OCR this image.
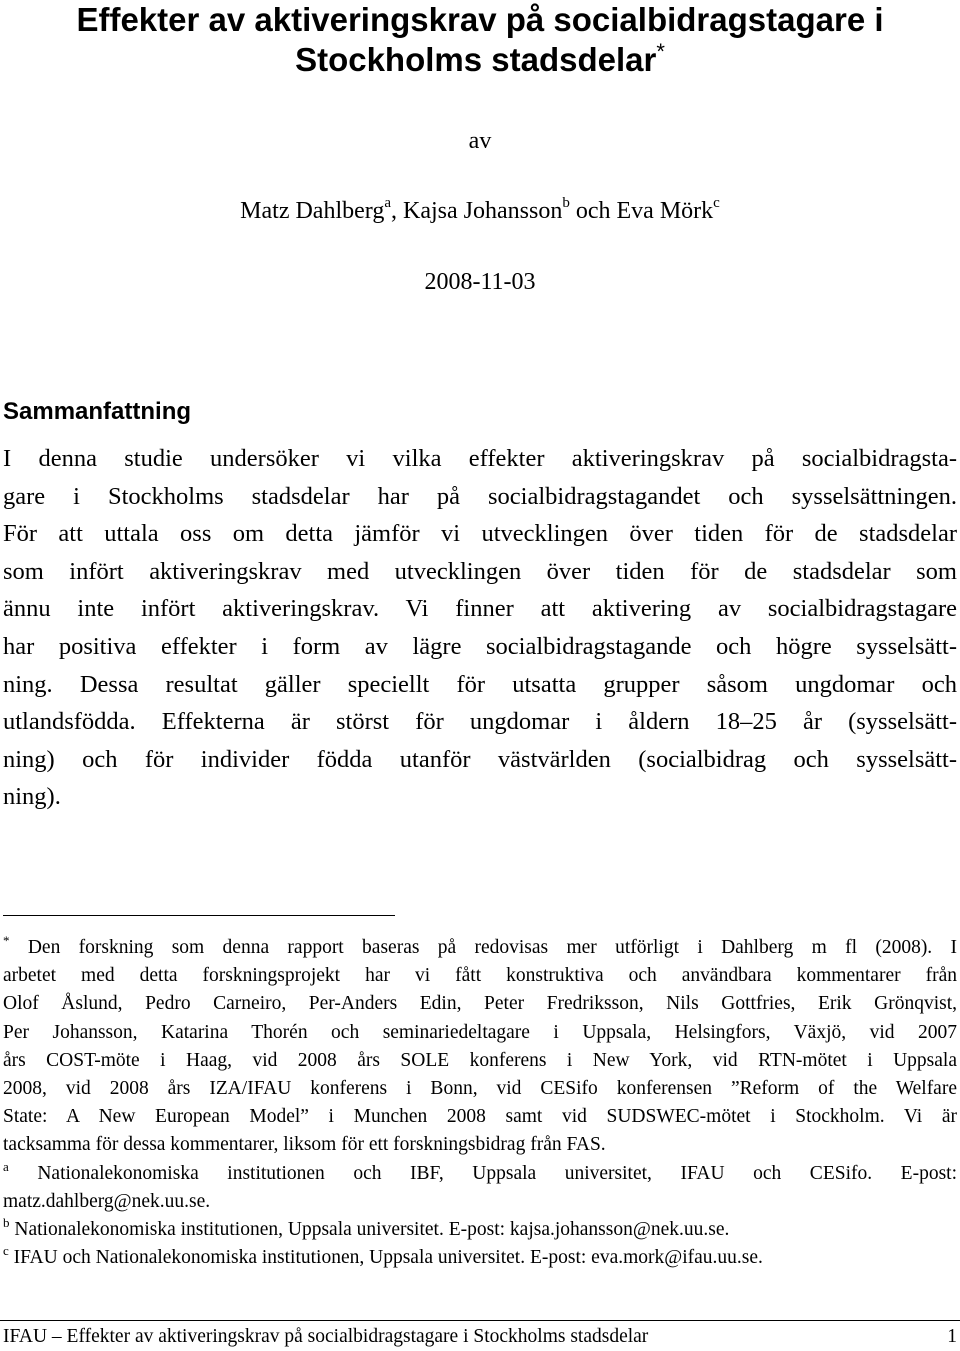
Effekter av aktiveringskrav på socialbidragstagare i
Stockholms stadsdelar*
av
Matz Dahlberg$^a$, Kajsa Johansson$^b$ och Eva Mörk$^c$
2008-11-03
Sammanfattning
I denna studie undersöker vi vilka effekter aktiveringskrav på socialbidragsta-
gare i Stockholms stadsdelar har på socialbidragstagandet och sysselsättningen.
För att uttala oss om detta jämför vi utvecklingen över tiden för de stadsdelar
som infört aktiveringskrav med utvecklingen över tiden för de stadsdelar som
ännu inte infört aktiveringskrav. Vi finner att aktivering av socialbidragstagare
har positiva effekter i form av lägre socialbidragstagande och högre sysselsätt-
ning. Dessa resultat gäller speciellt för utsatta grupper såsom ungdomar och
utlandsfödda. Effekterna är störst för ungdomar i åldern 18–25 år (sysselsätt-
ning) och för individer födda utanför västvärlden (socialbidrag och sysselsätt-
ning).
* Den forskning som denna rapport baseras på redovisas mer utförligt i Dahlberg m fl (2008). I
arbetet med detta forskningsprojekt har vi fått konstruktiva och användbara kommentarer från
Olof Åslund, Pedro Carneiro, Per-Anders Edin, Peter Fredriksson, Nils Gottfries, Erik Grönqvist,
Per Johansson, Katarina Thorén och seminariedeltagare i Uppsala, Helsingfors, Växjö, vid 2007
års COST-möte i Haag, vid 2008 års SOLE konferens i New York, vid RTN-mötet i Uppsala
2008, vid 2008 års IZA/IFAU konferens i Bonn, vid CESifo konferensen ”Reform of the Welfare
State: A New European Model” i Munchen 2008 samt vid SUDSWEC-mötet i Stockholm. Vi är
tacksamma för dessa kommentarer, liksom för ett forskningsbidrag från FAS.
$^a$ Nationalekonomiska institutionen och IBF, Uppsala universitet, IFAU och CESifo. E-post:
matz.dahlberg@nek.uu.se.
$^b$ Nationalekonomiska institutionen, Uppsala universitet. E-post: kajsa.johansson@nek.uu.se.
$^c$ IFAU och Nationalekonomiska institutionen, Uppsala universitet. E-post: eva.mork@ifau.uu.se.
IFAU – Effekter av aktiveringskrav på socialbidragstagare i Stockholms stadsdelar	1
